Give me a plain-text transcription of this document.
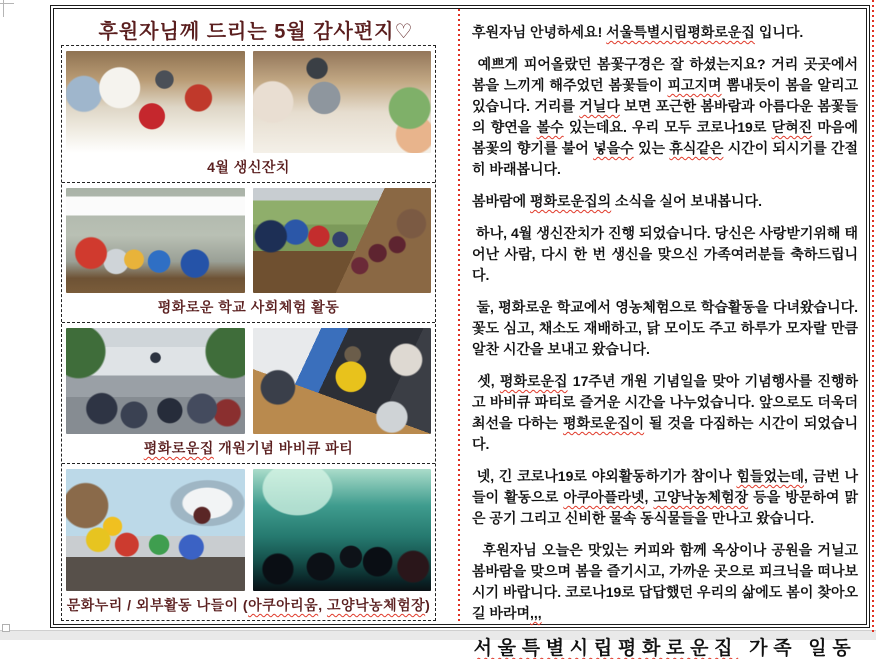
후원자님께 드리는 5월 감사편지♡
4월 생신잔치
평화로운 학교 사회체험 활동
평화로운집 개원기념 바비큐 파티
문화누리 / 외부활동 나들이 (아쿠아리움, 고양낙농체험장)

후원자님 안녕하세요! 서울특별시립평화로운집 입니다.

예쁘게 피어올랐던 봄꽃구경은 잘 하셨는지요? 거리 곳곳에서 봄을 느끼게 해주었던 봄꽃들이 피고지며 뽐내듯이 봄을 알리고 있습니다. 거리를 거닐다 보면 포근한 봄바람과 아름다운 봄꽃들의 향연을 볼수 있는데요. 우리 모두 코로나19로 닫혀진 마음에 봄꽃의 향기를 불어 넣을수 있는 휴식같은 시간이 되시기를 간절히 바래봅니다.

봄바람에 평화로운집의 소식을 실어 보내봅니다.

하나, 4월 생신잔치가 진행 되었습니다. 당신은 사랑받기위해 태어난 사람, 다시 한 번 생신을 맞으신 가족여러분들 축하드립니다.

둘, 평화로운 학교에서 영농체험으로 학습활동을 다녀왔습니다. 꽃도 심고, 채소도 재배하고, 닭 모이도 주고 하루가 모자랄 만큼 알찬 시간을 보내고 왔습니다.

셋, 평화로운집 17주년 개원 기념일을 맞아 기념행사를 진행하고 바비큐 파티로 즐거운 시간을 나누었습니다. 앞으로도 더욱더 최선을 다하는 평화로운집이 될 것을 다짐하는 시간이 되었습니다.

넷, 긴 코로나19로 야외활동하기가 참이나 힘들었는데, 금번 나들이 활동으로 아쿠아플라넷, 고양낙농체험장 등을 방문하여 맑은 공기 그리고 신비한 물속 동식물들을 만나고 왔습니다.

후원자님 오늘은 맛있는 커피와 함께 옥상이나 공원을 거닐고 봄바람을 맞으며 봄을 즐기시고, 가까운 곳으로 피크닉을 떠나보시기 바랍니다. 코로나19로 답답했던 우리의 삶에도 봄이 찾아오길 바라며,,,

서울특별시립평화로운집 가족 일동
